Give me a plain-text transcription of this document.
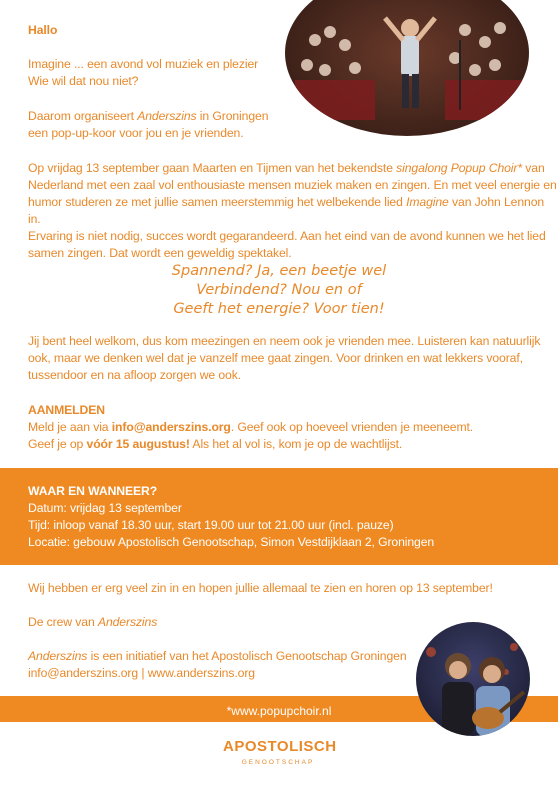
Hallo

Imagine ... een avond vol muziek en plezier
Wie wil dat nou niet?

Daarom organiseert Anderszins in Groningen
een pop-up-koor voor jou en je vrienden.

Op vrijdag 13 september gaan Maarten en Tijmen van het bekendste singalong Popup Choir* van
Nederland met een zaal vol enthousiaste mensen muziek maken en zingen. En met veel energie en
humor studeren ze met jullie samen meerstemmig het welbekende lied Imagine van John Lennon in.
Ervaring is niet nodig, succes wordt gegarandeerd. Aan het eind van de avond kunnen we het lied
samen zingen. Dat wordt een geweldig spektakel.

Spannend? Ja, een beetje wel
Verbindend? Nou en of
Geeft het energie? Voor tien!

Jij bent heel welkom, dus kom meezingen en neem ook je vrienden mee. Luisteren kan natuurlijk
ook, maar we denken wel dat je vanzelf mee gaat zingen. Voor drinken en wat lekkers vooraf,
tussendoor en na afloop zorgen we ook.

AANMELDEN
Meld je aan via info@anderszins.org. Geef ook op hoeveel vrienden je meeneemt.
Geef je op vóór 15 augustus! Als het al vol is, kom je op de wachtlijst.

WAAR EN WANNEER?
Datum: vrijdag 13 september
Tijd: inloop vanaf 18.30 uur, start 19.00 uur tot 21.00 uur (incl. pauze)
Locatie: gebouw Apostolisch Genootschap, Simon Vestdijklaan 2, Groningen

Wij hebben er erg veel zin in en hopen jullie allemaal te zien en horen op 13 september!

De crew van Anderszins

Anderszins is een initiatief van het Apostolisch Genootschap Groningen
info@anderszins.org | www.anderszins.org

*www.popupchoir.nl
APOSTOLISCH
GENOOTSCHAP
